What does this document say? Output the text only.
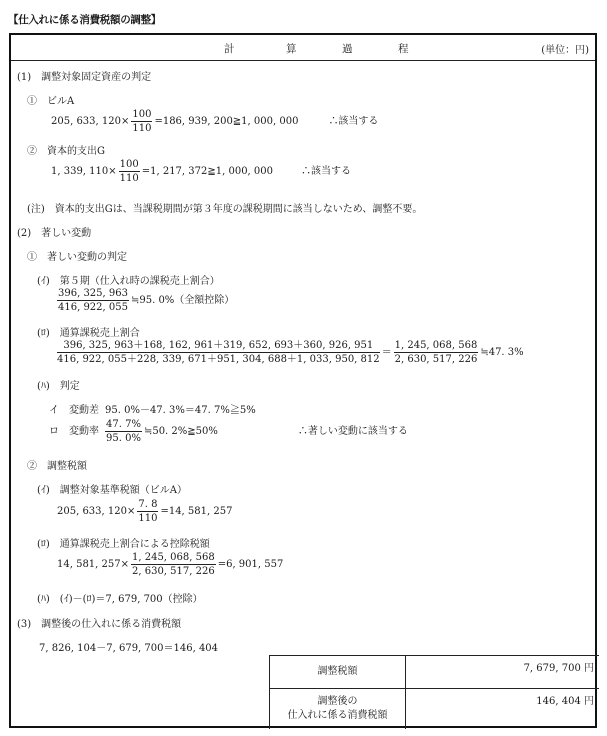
【仕入れに係る消費税額の調整】
計	算	過	程	(単位：円)
(1)　調整対象固定資産の判定
①　ビルA
205, 633, $120\times \frac{100}{110} =186$, 939, 200≧1, 000, 000	∴該当する
②　資本的支出G
1, 339, $110\times \frac{100}{110} =1$, 217, 372≧1, 000, 000	∴該当する
(注)　資本的支出Gは、当課税期間が第３年度の課税期間に該当しないため、調整不要。
(2)　著しい変動
①　著しい変動の判定
(ｲ)　第５期（仕入れ時の課税売上割合）
$\frac{396, 325, 963}{416, 922, 055}$ ≒95. 0%（全額控除）
(ﾛ)　通算課税売上割合
$\frac{396, 325, 963+168, 162, 961+319, 652, 693+360, 926, 951}{416, 922, 055+228, 339, 671+951, 304, 688+1, 033, 950, 812} = \frac{1, 245, 068, 568}{2, 630, 517, 226}$ ≒47. 3%
(ﾊ)　判定
イ　変動差 95. 0%－47. 3%＝47. 7%≧5%
ロ　変動率 $\frac{47. 7\%}{95. 0\%}$ ≒50. 2%≧50%	∴著しい変動に該当する
②　調整税額
(ｲ)　調整対象基準税額（ビルA）
205, 633, $120\times \frac{7. 8}{110} =14$, 581, 257
(ﾛ)　通算課税売上割合による控除税額
14, 581, $257\times \frac{1, 245, 068, 568}{2, 630, 517, 226} =6$, 901, 557
(ﾊ)　(ｲ)－(ﾛ)＝7, 679, 700（控除）
(3)　調整後の仕入れに係る消費税額
7, 826, 104－7, 679, 700＝146, 404
調整税額	7, 679, 700 円
調整後の
仕入れに係る消費税額
146, 404 円
